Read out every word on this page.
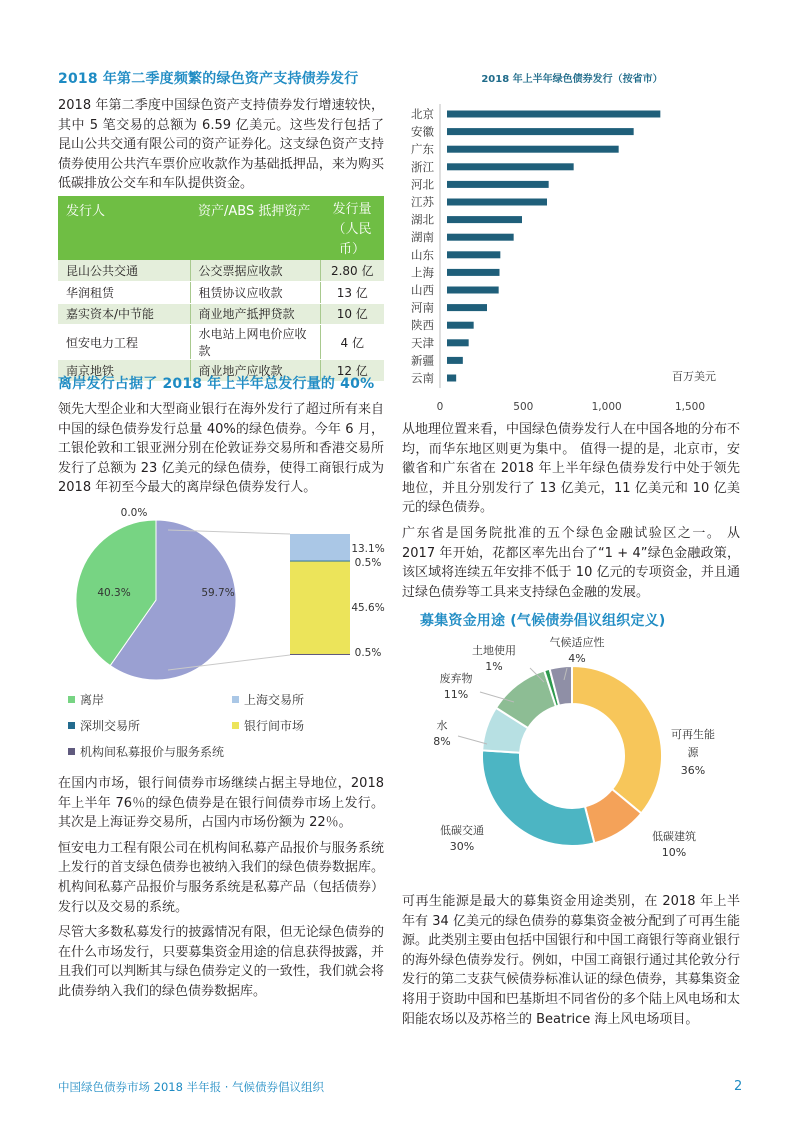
2018 年第二季度频繁的绿色资产支持债券发行

2018 年第二季度中国绿色资产支持债券发行增速较快，其中 5 笔交易的总额为 6.59 亿美元。这些发行包括了昆山公共交通有限公司的资产证券化。这支绿色资产支持债券使用公共汽车票价应收款作为基础抵押品，来为购买低碳排放公交车和车队提供资金。

发行人	资产/ABS 抵押资产	发行量（人民币）
昆山公共交通	公交票据应收款	2.80 亿
华润租赁	租赁协议应收款	13 亿
嘉实资本/中节能	商业地产抵押贷款	10 亿
恒安电力工程	水电站上网电价应收款	4 亿
南京地铁	商业地产应收款	12 亿
离岸发行占据了 2018 年上半年总发行量的 40%

领先大型企业和大型商业银行在海外发行了超过所有来自中国的绿色债券发行总量 40%的绿色债券。今年 6 月，工银伦敦和工银亚洲分别在伦敦证券交易所和香港交易所发行了总额为 23 亿美元的绿色债券，使得工商银行成为 2018 年初至今最大的离岸绿色债券发行人。

0.0%
40.3%	59.7%
13.1%
0.5%
45.6%
0.5%
离岸	上海交易所
深圳交易所	银行间市场
机构间私募报价与服务系统

在国内市场，银行间债券市场继续占据主导地位，2018 年上半年 76％的绿色债券是在银行间债券市场上发行。其次是上海证券交易所，占国内市场份额为 22％。

恒安电力工程有限公司在机构间私募产品报价与服务系统上发行的首支绿色债券也被纳入我们的绿色债券数据库。机构间私募产品报价与服务系统是私募产品（包括债券）发行以及交易的系统。

尽管大多数私募发行的披露情况有限，但无论绿色债券的在什么市场发行，只要募集资金用途的信息获得披露，并且我们可以判断其与绿色债券定义的一致性，我们就会将此债券纳入我们的绿色债券数据库。

2018 年上半年绿色债券发行（按省市）
北京
安徽
广东
浙江
河北
江苏
湖北
湖南
山东
上海
山西
河南
陕西
天津
新疆
云南	百万美元
0	500	1,000	1,500

从地理位置来看，中国绿色债券发行人在中国各地的分布不均，而华东地区则更为集中。 值得一提的是，北京市，安徽省和广东省在 2018 年上半年绿色债券发行中处于领先地位，并且分别发行了 13 亿美元，11 亿美元和 10 亿美元的绿色债券。

广东省是国务院批准的五个绿色金融试验区之一。 从 2017 年开始，花都区率先出台了“1 + 4”绿色金融政策，该区域将连续五年安排不低于 10 亿元的专项资金，并且通过绿色债券等工具来支持绿色金融的发展。

募集资金用途 (气候债券倡议组织定义)
气候适应性
4%
土地使用
1%
废弃物
11%
水
8%
低碳交通
30%
低碳建筑
10%
可再生能
源
36%

可再生能源是最大的募集资金用途类别，在 2018 年上半年有 34 亿美元的绿色债券的募集资金被分配到了可再生能源。此类别主要由包括中国银行和中国工商银行等商业银行的海外绿色债券发行。例如，中国工商银行通过其伦敦分行发行的第二支获气候债券标准认证的绿色债券，其募集资金将用于资助中国和巴基斯坦不同省份的多个陆上风电场和太阳能农场以及苏格兰的 Beatrice 海上风电场项目。

中国绿色债券市场 2018 半年报 · 气候债券倡议组织	2
